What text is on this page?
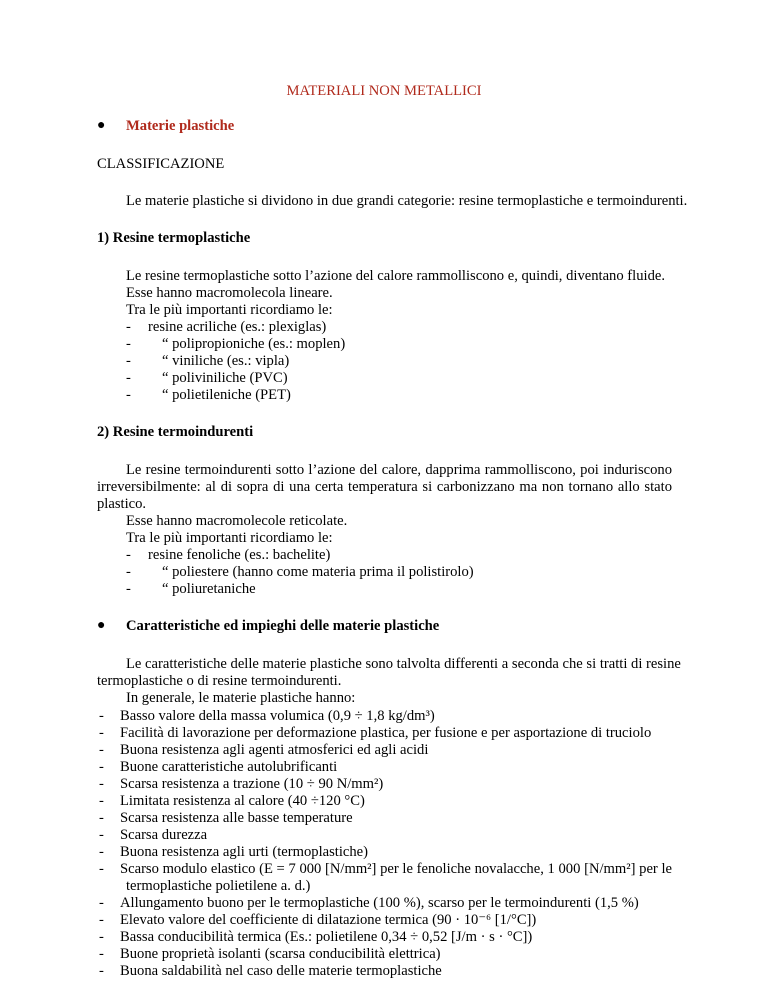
MATERIALI NON METALLICI
● Materie plastiche
CLASSIFICAZIONE
Le materie plastiche si dividono in due grandi categorie: resine termoplastiche e termoindurenti.
1) Resine termoplastiche
Le resine termoplastiche sotto l’azione del calore rammolliscono e, quindi, diventano fluide.
Esse hanno macromolecola lineare.
Tra le più importanti ricordiamo le:
- resine acriliche (es.: plexiglas)
- “ polipropioniche (es.: moplen)
- “ viniliche (es.: vipla)
- “ poliviniliche (PVC)
- “ polietileniche (PET)
2) Resine termoindurenti
Le resine termoindurenti sotto l’azione del calore, dapprima rammolliscono, poi induriscono
irreversibilmente: al di sopra di una certa temperatura si carbonizzano ma non tornano allo stato
plastico.
Esse hanno macromolecole reticolate.
Tra le più importanti ricordiamo le:
- resine fenoliche (es.: bachelite)
- “ poliestere (hanno come materia prima il polistirolo)
- “ poliuretaniche
● Caratteristiche ed impieghi delle materie plastiche
Le caratteristiche delle materie plastiche sono talvolta differenti a seconda che si tratti di resine
termoplastiche o di resine termoindurenti.
In generale, le materie plastiche hanno:
- Basso valore della massa volumica (0,9 ÷ 1,8 kg/dm³)
- Facilità di lavorazione per deformazione plastica, per fusione e per asportazione di truciolo
- Buona resistenza agli agenti atmosferici ed agli acidi
- Buone caratteristiche autolubrificanti
- Scarsa resistenza a trazione (10 ÷ 90 N/mm²)
- Limitata resistenza al calore (40 ÷120 °C)
- Scarsa resistenza alle basse temperature
- Scarsa durezza
- Buona resistenza agli urti (termoplastiche)
- Scarso modulo elastico (E = 7 000 [N/mm²] per le fenoliche novalacche, 1 000 [N/mm²] per le
termoplastiche polietilene a. d.)
- Allungamento buono per le termoplastiche (100 %), scarso per le termoindurenti (1,5 %)
- Elevato valore del coefficiente di dilatazione termica (90 · 10⁻⁶ [1/°C])
- Bassa conducibilità termica (Es.: polietilene 0,34 ÷ 0,52 [J/m · s · °C])
- Buone proprietà isolanti (scarsa conducibilità elettrica)
- Buona saldabilità nel caso delle materie termoplastiche
